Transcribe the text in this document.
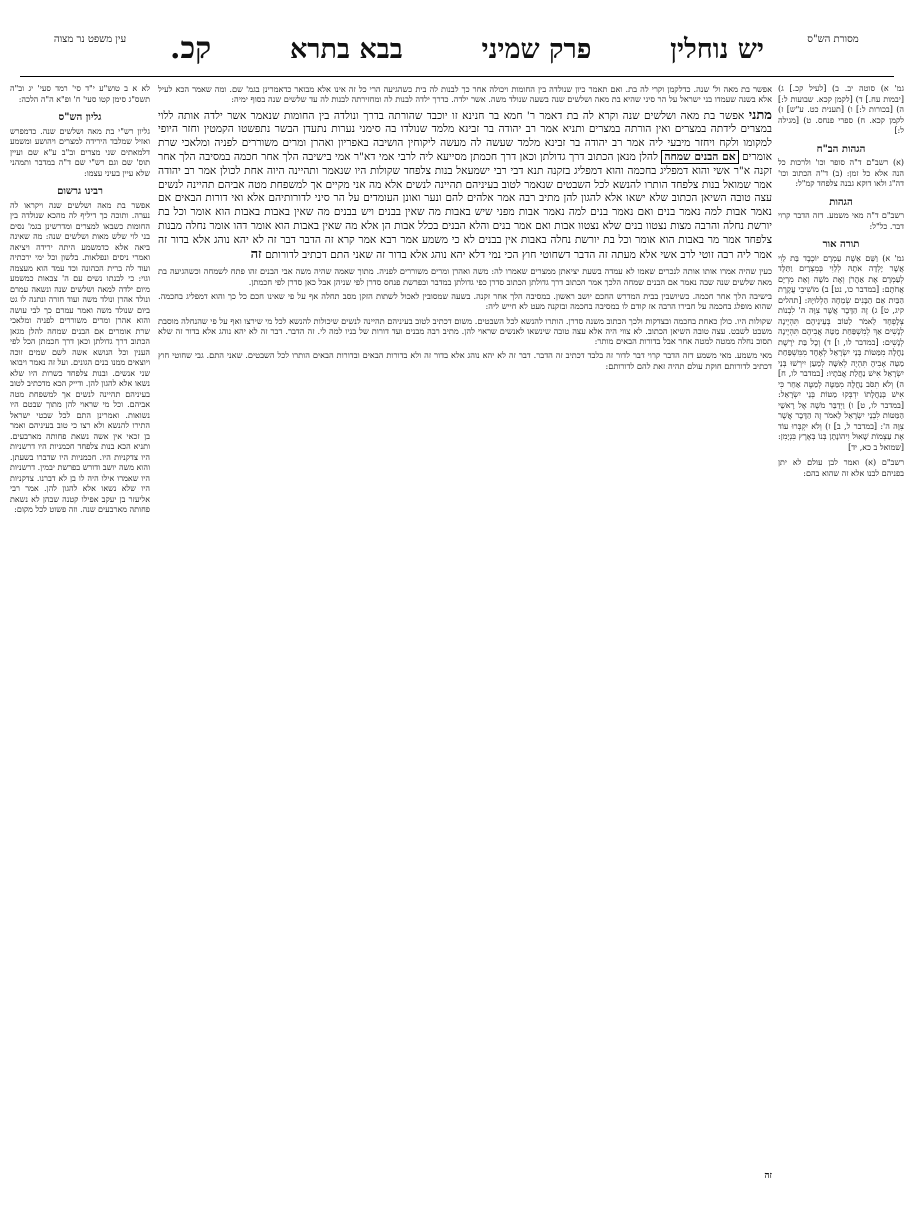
עין משפט נר מצוה	יש נוחלין
פרק שמיני
בבא בתרא
קכ.	מסורת הש"ס

גמ' א) סוטה יב. ב) [לעיל קכ.] ג) [יבמות עח.] ד) [לקמן קכא. שבועות ל:] ה) [בכורות ל:] ו) [תענית כט. ע"ש] ז) לקמן קכא. ח) ספרי פנחס. ט) [מגילה ל:]

הגהות הב"ח

(א) רשב"ם ד"ה סופר וכו' ולרכות כל הנה אלא כל זמן: (ב) ד"ה הכתוב וכו' דה"ג ולאו דוקא גבנה צלפחד קמ"ל:

הגהות

רשב"ם ד"ה מאי משמע. דזה הדבר קרוי דבר. כל"ל:

תורה אור

גמ' א) וַשֵּׁם אֵשֶׁת עַמְרָם יוֹכֶבֶד בַּת לֵוִי אֲשֶׁר יָלְדָה אֹתָהּ לְלֵוִי בְּמִצְרָיִם וַתֵּלֶד לְעַמְרָם אֶת אַהֲרֹן וְאֶת מֹשֶׁה וְאֵת מִרְיָם אֲחֹתָם: [במדבר כו, נט] ב) מוֹשִׁיבִי עֲקֶרֶת הַבַּיִת אֵם הַבָּנִים שְׂמֵחָה הַלְלוּיָהּ: [תהלים קיג, ט] ג) זֶה הַדָּבָר אֲשֶׁר צִוָּה ה' לִבְנוֹת צְלָפְחָד לֵאמֹר לַטּוֹב בְּעֵינֵיהֶם תִּהְיֶינָה לְנָשִׁים אַךְ לְמִשְׁפַּחַת מַטֵּה אֲבִיהֶם תִּהְיֶינָה לְנָשִׁים: [במדבר לו, ו] ד) וְכָל בַּת יֹרֶשֶׁת נַחֲלָה מִמַּטּוֹת בְּנֵי יִשְׂרָאֵל לְאֶחָד מִמִּשְׁפַּחַת מַטֵּה אָבִיהָ תִּהְיֶה לְאִשָּׁה לְמַעַן יִירְשׁוּ בְּנֵי יִשְׂרָאֵל אִישׁ נַחֲלַת אֲבֹתָיו: [במדבר לו, ח] ה) וְלֹא תִסֹּב נַחֲלָה מִמַּטֶּה לְמַטֶּה אַחֵר כִּי אִישׁ בְּנַחֲלָתוֹ יִדְבְּקוּ מַטּוֹת בְּנֵי יִשְׂרָאֵל: [במדבר לו, ט] ו) וַיְדַבֵּר מֹשֶׁה אֶל רָאשֵׁי הַמַּטּוֹת לִבְנֵי יִשְׂרָאֵל לֵאמֹר זֶה הַדָּבָר אֲשֶׁר צִוָּה ה': [במדבר ל, ב] ז) וְלֹא יִקְבְּרוּ עוֹד אֶת עַצְמוֹת שָׁאוּל וִיהוֹנָתָן בְּנוֹ בְּאֶרֶץ בִּנְיָמִן: [שמואל ב כא, יד]

רשב"ם (א) ואמר לבן עולם לא יתן בפניהם לבנו אלא זה שהוא בהם:

לא א ב טוש"ע י"ד סי' רמד סעי' יג וב"ה תשס"ג סימן קטו סעי' ח' ופ"א ה"ה הלכה:

גליון הש"ס

גליון רש"י בת מאה ושלשים שנה. כדמפרש ואזיל שמלבד הירידה למצרים ויהושע ומשמע דלמאתים שני מצרים וב"ב ע"א שם ועיין תוס' שם וגם רש"י שם ד"ה במדבר ותמהני שלא עיין בעיני עצמו:

רבינו גרשום

אפשר בת מאה ושלשים שנה ויקראו לה נערה. ותוכה כך דיליף לה מהכא שנולדה בין החומות כשבאו למצרים ומדרשינן בגמ' נסים בני לוי שלש מאות ושלשים שנה: מה שאינה ביאה אלא כדמשמע היתה ירידה ויציאה ואמרי ניסים ונפלאות. בלשון וכל ימי ירכתיה ועוד לה ברית הכהונה וכד עמד הוא מעצמה וגוי: כי לבנתו נשים עם ה' צבאות כמשמע מיום ילדה למאה ושלשים שנה ונשאה עמרם ונולד אהרן ונולד משה ועוד חזרה ונתנה לו גט ביום שנולד משה ואמר עמרם כך לבי עושה והוא אהרן ומרים משוררים לפניה ומלאכי שרת אומרים אם הבנים שמחה להלן מגאן הכתוב דרך גדולתן וכאן דרך חכמתן הכל לפי הענין וכל הנושא אשה לשם שמים זוכה ויוצאים ממנו בנים הגונים. ועל זה נאמר ויבואו שני אנשים. ובנות צלפחד כשרות היו שלא נשאו אלא להגון להן. ודייק הכא מדכתיב לטוב בעיניהם תהיינה לנשים אך למשפחת מטה אביהם. וכל מי שראוי להן מתוך שבטם היו נשואות. ואמרינן התם לכל שבטי ישראל התירו להנשא ולא רצו כי טוב בעיניהם ואמר בן זכאי אין אשה נשאת פחותה מארבעים. ותניא הכא בנות צלפחד חכמניות היו דרשניות היו צדקניות היו. חכמניות היו שדברו בשעתן. והוא משה יושב ודורש בפרשת יבמין. דרשניות היו שאמרו אילו היה לו בן לא דברנו. צדקניות היו שלא נשאו אלא להגון להן. אמר רבי אליעזר בן יעקב אפילו קטנה שבהן לא נשאת פחותה מארבעים שנה. וזה פשוט לכל מקום:

אפשר בת מאה ול' שנה. כדלקמן וקרי לה בת. ואם תאמר כיון שנולדה בין החומות ויכולה אחר כך לבנות לה בית כשהגיעה הרי כל זה אינו אלא מבואר כדאמרינן בגמ' שם. ומה שאמר הכא לעיל אלא בשנה שעמדו בני ישראל על הר סיני שהיא בת מאה ושלשים שנה בשעה שנולד משה. אשר ילדה. כדרך ילדה לבנות לה ומחזירתה לבנות לה עד שלשים שנה בסוף ימיה:

מתני אפשר בת מאה ושלשים שנה וקרא לה בת דאמר ר' חמא בר חנינא זו יוכבד שהורתה בדרך ונולדה בין החומות שנאמר אשר ילדה אותה ללוי במצרים לידתה במצרים ואין הורתה במצרים ותניא אמר רב יהודה בר זבינא מלמד שנולדו בה סימני נערות נתעדן הבשר נתפשטו הקמטין וחזר היופי למקומו ולקח ויחזר מיבעי ליה אמר רב יהודה בר זבינא מלמד שעשה לה מעשה ליקוחין הושיבה באפריון ואהרן ומרים משוררים לפניה ומלאכי שרת אומרים אם הבנים שמחה להלן מנאן הכתוב דרך גדולתן וכאן דרך חכמתן מסייעא ליה לרבי אמי דא"ר אמי בישיבה הלך אחר חכמה במסיבה הלך אחר זקנה א"ר אשי והוא דמפליג בחכמה והוא דמפליג בזקנה תנא דבי רבי ישמעאל בנות צלפחד שקולות היו שנאמר ותהיינה היוה אחת לכולן אמר רב יהודה אמר שמואל בנות צלפחד הותרו להנשא לכל השבטים שנאמר לטוב בעיניהם תהיינה לנשים אלא מה אני מקיים אך למשפחת מטה אביהם תהיינה לנשים עצה טובה השיאן הכתוב שלא ישאו אלא להגון להן מתיב רבה אמר אלהים להם ונער ואונן העומדים על הר סיני לדורותיהם אלא ואי דורות הבאים אם נאמר אבות למה נאמר בנים ואם נאמר בנים למה נאמר אבות מפני שיש באבות מה שאין בבנים ויש בבנים מה שאין באבות באבות הוא אומר וכל בת יורשת נחלה והרבה מצות נצטוו בנים שלא נצטוו אבות ואם אמר בנים והלא הבנים בכלל אבות הן אלא מה שאין באבות הוא אומר דהו אומר נחלה מבנות צלפחד אמר מר באבות הוא אומר וכל בת יורשת נחלה באבות אין בבנים לא כי משמע אמר רבא אמר קרא זה הדבר דבר זה לא יהא נוהג אלא בדור זה אמר ליה רבה זוטי לרב אשי אלא מעתה זה הדבר דשחוטי חוץ הכי נמי דלא יהא נוהג אלא בדור זה שאני התם דכתיב לדורותם זה

כעין שהיה אמרו אותו אותה לנכרים שאמו לא עמדה בשעת יציאתן ממצרים שאמרו לה: משה ואהרן ומרים משוררים לפניה. מתוך שאמה שהיה משה אבי הבנים זהו פתח לשמחה וכשהגיעה בת מאה שלשים שנה שבה נאמר אם הבנים שמחה הלכך אמר הכתוב דרך גדולתן הכתוב סדרן כפי גדולתן במדבר ובפרשת פנחס סדרן לפי שניהן אבל כאן סדרן לפי חכמתן.

בישיבה הלך אחר חכמה. כשיושבין בבית המדרש החכם יושב ראשון. במסיבה הלך אחר זקנה. בשעה שמסובין לאכול לשתות הזקן מסב תחלה אף על פי שאינו חכם כל כך והוא דמפליג בחכמה. שהוא מופלג בחכמה על חבירו הרבה אז קודם לו במסיבה בחכמה ובזקנה מעט לא חייש ליה:

שקולות היו. כולן כאחת בחכמה ובצדקות ולכך הכתוב משנה סדרן. הותרו להנשא לכל השבטים. משום דכתיב לטוב בעיניהם תהיינה לנשים שיכולות להנשא לכל מי שירצו ואף על פי שהנחלה מוסבת משבט לשבט. עצה טובה השיאן הכתוב. לא צווי היה אלא עצה טובה שינשאו לאנשים שראוי להן. מתיב רבה מבנים ועד דורות של בניו למה לי. זה הדבר. דבר זה לא יהא נוהג אלא בדור זה שלא תסוב נחלה ממטה למטה אחר אבל בדורות הבאים מותר:

מאי משמע. מאי משמע דזה הדבר קרוי דבר לדור זה בלבד דכתיב זה הדבר. דבר זה לא יהא נוהג אלא בדור זה ולא בדורות הבאים ובדורות הבאים הותרו לכל השבטים. שאני התם. גבי שחוטי חוץ דכתיב לדורותם חוקת עולם תהיה זאת להם לדורותם:

זה
